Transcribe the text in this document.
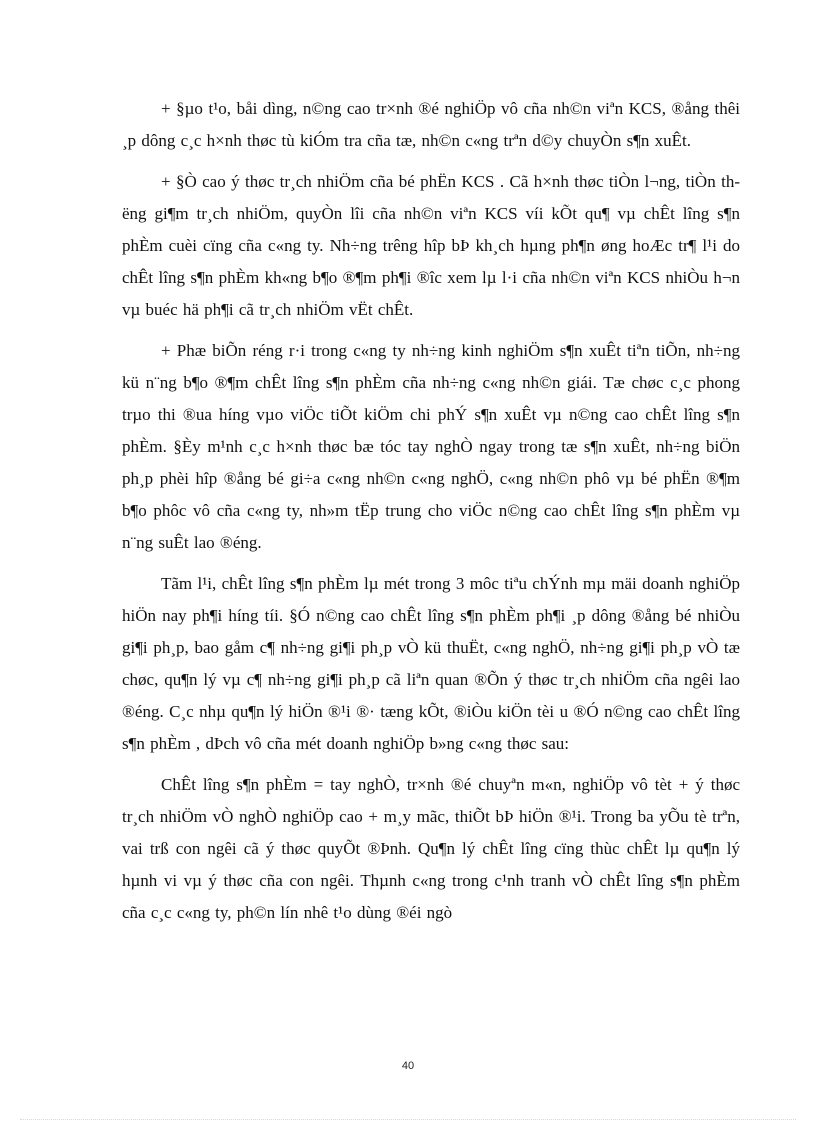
+ §µo t¹o, båi dìng, n©ng cao tr×nh ®é nghiÖp vô cña nh©n viªn KCS, ®ång thêi ¸p dông c¸c h×nh thøc tù kiÓm tra cña tæ, nh©n c«ng trªn d©y chuyÒn s¶n xuÊt.

+ §Ò cao ý thøc tr¸ch nhiÖm cña bé phËn KCS . Cã h×nh thøc tiÒn l¬ng, tiÒn thëng gi¶m tr¸ch nhiÖm, quyÒn lîi cña nh©n viªn KCS víi kÕt qu¶ vµ chÊt lîng s¶n phÈm cuèi cïng cña c«ng ty. Nh÷ng trêng hîp bÞ kh¸ch hµng ph¶n øng hoÆc tr¶ l¹i do chÊt lîng s¶n phÈm kh«ng b¶o ®¶m ph¶i ®îc xem lµ l·i cña nh©n viªn KCS nhiÒu h¬n vµ buéc hä ph¶i cã tr¸ch nhiÖm vËt chÊt.

+ Phæ biÕn réng r·i trong c«ng ty nh÷ng kinh nghiÖm s¶n xuÊt tiªn tiÕn, nh÷ng kü n¨ng b¶o ®¶m chÊt lîng s¶n phÈm cña nh÷ng c«ng nh©n giái. Tæ chøc c¸c phong trµo thi ®ua híng vµo viÖc tiÕt kiÖm chi phÝ s¶n xuÊt vµ n©ng cao chÊt lîng s¶n phÈm. §Èy m¹nh c¸c h×nh thøc bæ tóc tay nghÒ ngay trong tæ s¶n xuÊt, nh÷ng biÖn ph¸p phèi hîp ®ång bé gi÷a c«ng nh©n c«ng nghÖ, c«ng nh©n phô vµ bé phËn ®¶m b¶o phôc vô cña c«ng ty, nh»m tËp trung cho viÖc n©ng cao chÊt lîng s¶n phÈm vµ n¨ng suÊt lao ®éng.

Tãm l¹i, chÊt lîng s¶n phÈm lµ mét trong 3 môc tiªu chÝnh mµ mäi doanh nghiÖp hiÖn nay ph¶i híng tíi. §Ó n©ng cao chÊt lîng s¶n phÈm ph¶i ¸p dông ®ång bé nhiÒu gi¶i ph¸p, bao gåm c¶ nh÷ng gi¶i ph¸p vÒ kü thuËt, c«ng nghÖ, nh÷ng gi¶i ph¸p vÒ tæ chøc, qu¶n lý vµ c¶ nh÷ng gi¶i ph¸p cã liªn quan ®Õn ý thøc tr¸ch nhiÖm cña ngêi lao ®éng. C¸c nhµ qu¶n lý hiÖn ®¹i ®· tæng kÕt, ®iÒu kiÖn tèi u ®Ó n©ng cao chÊt lîng s¶n phÈm , dÞch vô cña mét doanh nghiÖp b»ng c«ng thøc sau:

ChÊt lîng s¶n phÈm = tay nghÒ, tr×nh ®é chuyªn m«n, nghiÖp vô tèt + ý thøc tr¸ch nhiÖm vÒ nghÒ nghiÖp cao + m¸y mãc, thiÕt bÞ hiÖn ®¹i. Trong ba yÕu tè trªn, vai trß con ngêi cã ý thøc quyÕt ®Þnh. Qu¶n lý chÊt lîng cïng thùc chÊt lµ qu¶n lý hµnh vi vµ ý thøc cña con ngêi. Thµnh c«ng trong c¹nh tranh vÒ chÊt lîng s¶n phÈm cña c¸c c«ng ty, ph©n lín nhê t¹o dùng ®éi ngò

40
